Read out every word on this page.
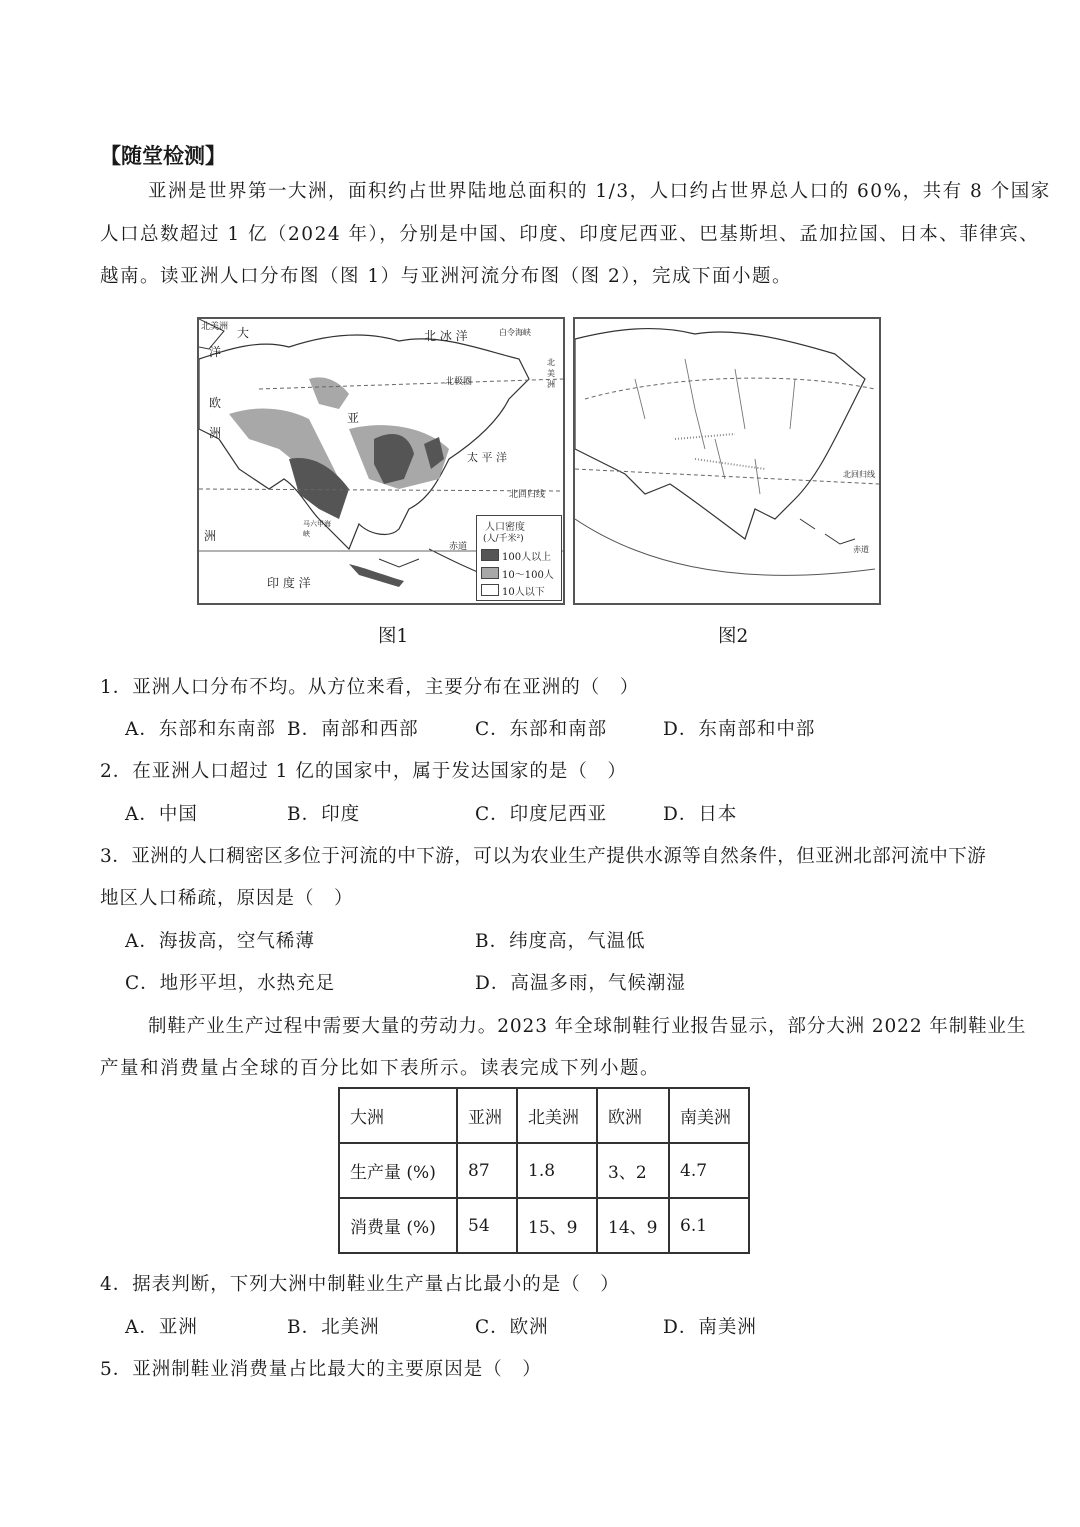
【随堂检测】
亚洲是世界第一大洲，面积约占世界陆地总面积的 1/3，人口约占世界总人口的 60%，共有 8 个国家
人口总数超过 1 亿（2024 年），分别是中国、印度、印度尼西亚、巴基斯坦、孟加拉国、日本、菲律宾、
越南。读亚洲人口分布图（图 1）与亚洲河流分布图（图 2），完成下面小题。
北美洲 大
洋
北 冰 洋	白令海峡
北美洲
北极圈
欧
洲
亚
太 平 洋
北回归线
洲
马六甲海峡
赤道
印 度 洋
人口密度
(人/千米²)
100人以上
10～100人
10人以下
北回归线
赤道
图1	图2
1．亚洲人口分布不均。从方位来看，主要分布在亚洲的（　）
A．东部和东南部 B．南部和西部	C．东部和南部	D．东南部和中部
2．在亚洲人口超过 1 亿的国家中，属于发达国家的是（　）
A．中国	B．印度	C．印度尼西亚	D．日本
3．亚洲的人口稠密区多位于河流的中下游，可以为农业生产提供水源等自然条件，但亚洲北部河流中下游
地区人口稀疏，原因是（　）
A．海拔高，空气稀薄	B．纬度高，气温低
C．地形平坦，水热充足	D．高温多雨，气候潮湿
制鞋产业生产过程中需要大量的劳动力。2023 年全球制鞋行业报告显示，部分大洲 2022 年制鞋业生
产量和消费量占全球的百分比如下表所示。读表完成下列小题。
大洲	亚洲	北美洲	欧洲	南美洲
生产量 (%)	87	1.8	3、2	4.7
消费量 (%)	54	15、9	14、9	6.1
4．据表判断，下列大洲中制鞋业生产量占比最小的是（　）
A．亚洲	B．北美洲	C．欧洲	D．南美洲
5．亚洲制鞋业消费量占比最大的主要原因是（　）
